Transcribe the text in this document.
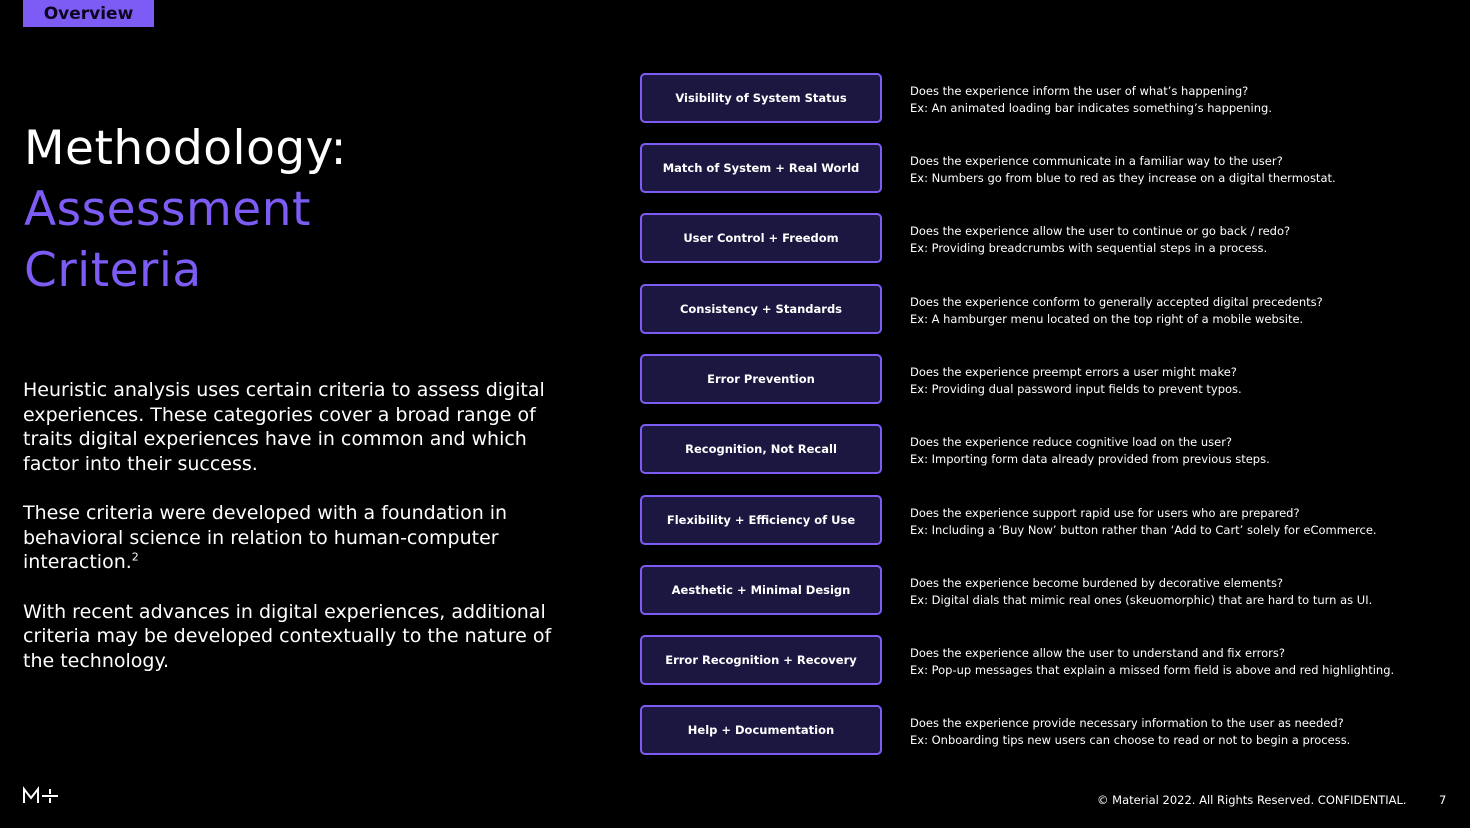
Overview
Methodology:
Assessment
Criteria

Heuristic analysis uses certain criteria to assess digital experiences. These categories cover a broad range of traits digital experiences have in common and which factor into their success.

These criteria were developed with a foundation in behavioral science in relation to human-computer interaction.$^2$

With recent advances in digital experiences, additional criteria may be developed contextually to the nature of the technology.

Visibility of System Status	Does the experience inform the user of what’s happening?
Ex: An animated loading bar indicates something’s happening.
Match of System + Real World	Does the experience communicate in a familiar way to the user?
Ex: Numbers go from blue to red as they increase on a digital thermostat.
User Control + Freedom	Does the experience allow the user to continue or go back / redo?
Ex: Providing breadcrumbs with sequential steps in a process.
Consistency + Standards	Does the experience conform to generally accepted digital precedents?
Ex: A hamburger menu located on the top right of a mobile website.
Error Prevention	Does the experience preempt errors a user might make?
Ex: Providing dual password input fields to prevent typos.
Recognition, Not Recall	Does the experience reduce cognitive load on the user?
Ex: Importing form data already provided from previous steps.
Flexibility + Efficiency of Use	Does the experience support rapid use for users who are prepared?
Ex: Including a ‘Buy Now’ button rather than ‘Add to Cart’ solely for eCommerce.
Aesthetic + Minimal Design	Does the experience become burdened by decorative elements?
Ex: Digital dials that mimic real ones (skeuomorphic) that are hard to turn as UI.
Error Recognition + Recovery	Does the experience allow the user to understand and fix errors?
Ex: Pop-up messages that explain a missed form field is above and red highlighting.
Help + Documentation	Does the experience provide necessary information to the user as needed?
Ex: Onboarding tips new users can choose to read or not to begin a process.
© Material 2022. All Rights Reserved. CONFIDENTIAL.	7
